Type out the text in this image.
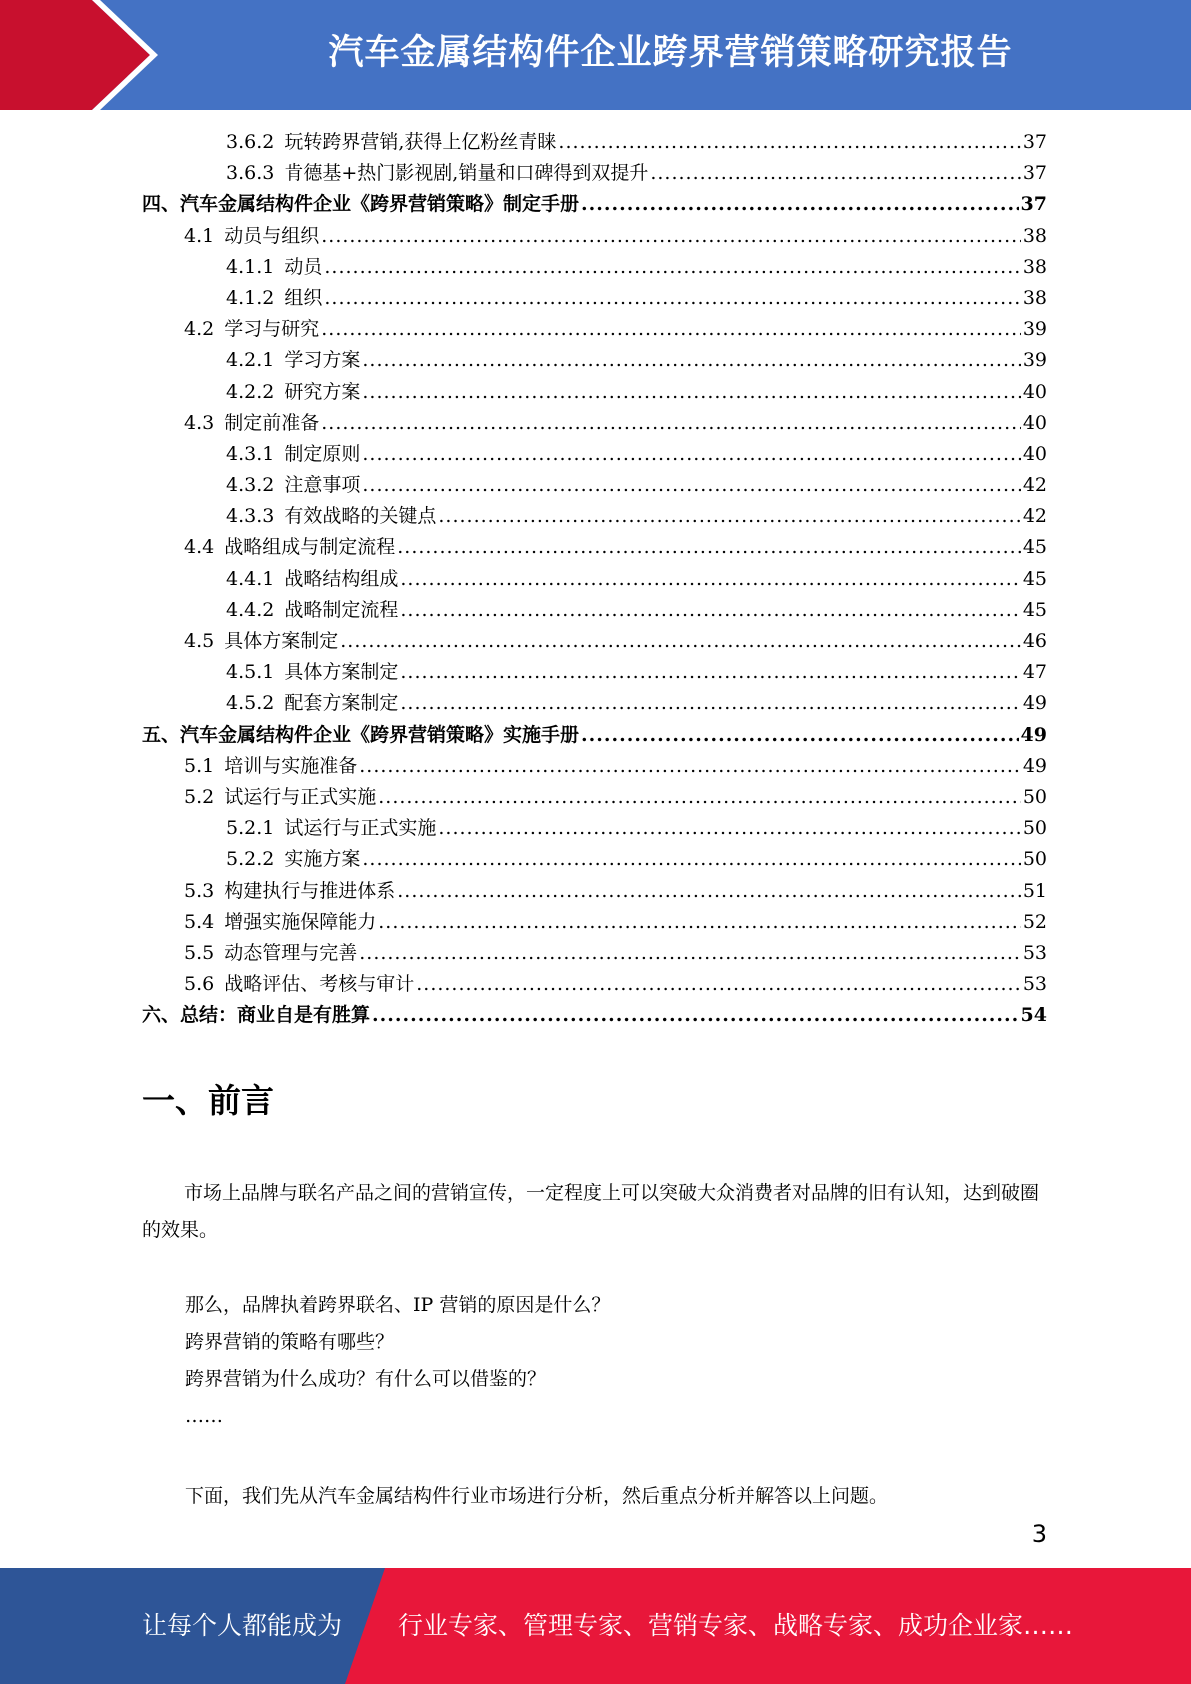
汽车金属结构件企业跨界营销策略研究报告
3.6.2 玩转跨界营销,获得上亿粉丝青睐 .....	37
3.6.3 肯德基+热门影视剧,销量和口碑得到双提升 .....	37
四、汽车金属结构件企业《跨界营销策略》制定手册 .....	37
4.1 动员与组织 .....	38
4.1.1 动员 .....	38
4.1.2 组织 .....	38
4.2 学习与研究 .....	39
4.2.1 学习方案 .....	39
4.2.2 研究方案 .....	40
4.3 制定前准备 .....	40
4.3.1 制定原则 .....	40
4.3.2 注意事项 .....	42
4.3.3 有效战略的关键点 .....	42
4.4 战略组成与制定流程 .....	45
4.4.1 战略结构组成 .....	45
4.4.2 战略制定流程 .....	45
4.5 具体方案制定 .....	46
4.5.1 具体方案制定 .....	47
4.5.2 配套方案制定 .....	49
五、汽车金属结构件企业《跨界营销策略》实施手册 .....	49
5.1 培训与实施准备 .....	49
5.2 试运行与正式实施 .....	50
5.2.1 试运行与正式实施 .....	50
5.2.2 实施方案 .....	50
5.3 构建执行与推进体系 .....	51
5.4 增强实施保障能力 .....	52
5.5 动态管理与完善 .....	53
5.6 战略评估、考核与审计 .....	53
六、总结：商业自是有胜算 .....	54
一、前言
市场上品牌与联名产品之间的营销宣传，一定程度上可以突破大众消费者对品牌的旧有认知，达到破圈的效果。
那么，品牌执着跨界联名、IP 营销的原因是什么？
跨界营销的策略有哪些？
跨界营销为什么成功？有什么可以借鉴的？
……
下面，我们先从汽车金属结构件行业市场进行分析，然后重点分析并解答以上问题。
3
让每个人都能成为 行业专家、管理专家、营销专家、战略专家、成功企业家……
